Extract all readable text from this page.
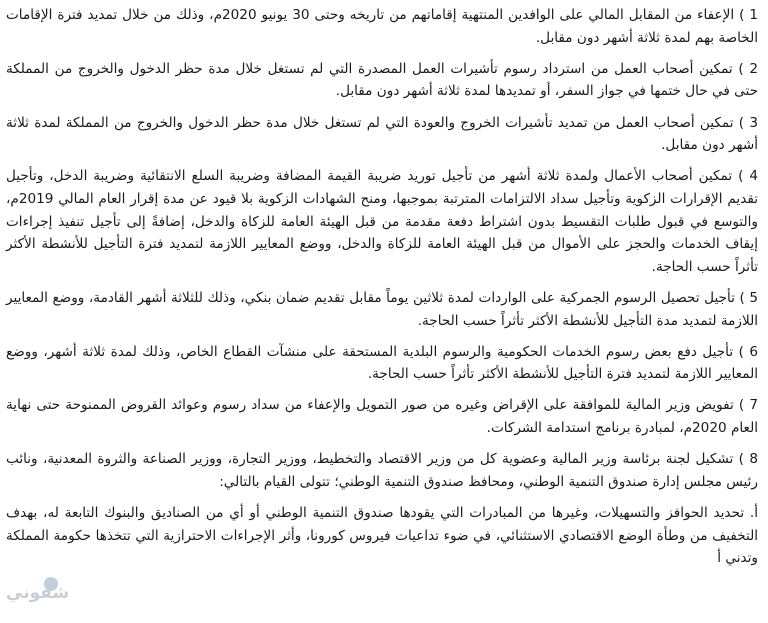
1 ) الإعفاء من المقابل المالي على الوافدين المنتهية إقاماتهم من تاريخه وحتى 30 يونيو 2020م، وذلك من خلال تمديد فترة الإقامات الخاصة بهم لمدة ثلاثة أشهر دون مقابل.

2 ) تمكين أصحاب العمل من استرداد رسوم تأشيرات العمل المصدرة التي لم تستغل خلال مدة حظر الدخول والخروج من المملكة حتى في حال ختمها في جواز السفر، أو تمديدها لمدة ثلاثة أشهر دون مقابل.

3 ) تمكين أصحاب العمل من تمديد تأشيرات الخروج والعودة التي لم تستغل خلال مدة حظر الدخول والخروج من المملكة لمدة ثلاثة أشهر دون مقابل.

4 ) تمكين أصحاب الأعمال ولمدة ثلاثة أشهر من تأجيل توريد ضريبة القيمة المضافة وضريبة السلع الانتقائية وضريبة الدخل، وتأجيل تقديم الإقرارات الزكوية وتأجيل سداد الالتزامات المترتبة بموجبها، ومنح الشهادات الزكوية بلا قيود عن مدة إقرار العام المالي 2019م، والتوسع في قبول طلبات التقسيط بدون اشتراط دفعة مقدمة من قبل الهيئة العامة للزكاة والدخل، إضافةً إلى تأجيل تنفيذ إجراءات إيقاف الخدمات والحجز على الأموال من قبل الهيئة العامة للزكاة والدخل، ووضع المعايير اللازمة لتمديد فترة التأجيل للأنشطة الأكثر تأثراً حسب الحاجة.

5 ) تأجيل تحصيل الرسوم الجمركية على الواردات لمدة ثلاثين يوماً مقابل تقديم ضمان بنكي، وذلك للثلاثة أشهر القادمة، ووضع المعايير اللازمة لتمديد مدة التأجيل للأنشطة الأكثر تأثراً حسب الحاجة.

6 ) تأجيل دفع بعض رسوم الخدمات الحكومية والرسوم البلدية المستحقة على منشآت القطاع الخاص، وذلك لمدة ثلاثة أشهر، ووضع المعايير اللازمة لتمديد فترة التأجيل للأنشطة الأكثر تأثراً حسب الحاجة.

7 ) تفويض وزير المالية للموافقة على الإقراض وغيره من صور التمويل والإعفاء من سداد رسوم وعوائد القروض الممنوحة حتى نهاية العام 2020م، لمبادرة برنامج استدامة الشركات.

8 ) تشكيل لجنة برئاسة وزير المالية وعضوية كل من وزير الاقتصاد والتخطيط، ووزير التجارة، ووزير الصناعة والثروة المعدنية، ونائب رئيس مجلس إدارة صندوق التنمية الوطني، ومحافظ صندوق التنمية الوطني؛ تتولى القيام بالتالي:

أ. تحديد الحوافز والتسهيلات، وغيرها من المبادرات التي يقودها صندوق التنمية الوطني أو أي من الصناديق والبنوك التابعة له، بهدف التخفيف من وطأة الوضع الاقتصادي الاستثنائي، في ضوء تداعيات فيروس كورونا، وأثر الإجراءات الاحترازية التي تتخذها حكومة المملكة وتدني أ

شقوني
